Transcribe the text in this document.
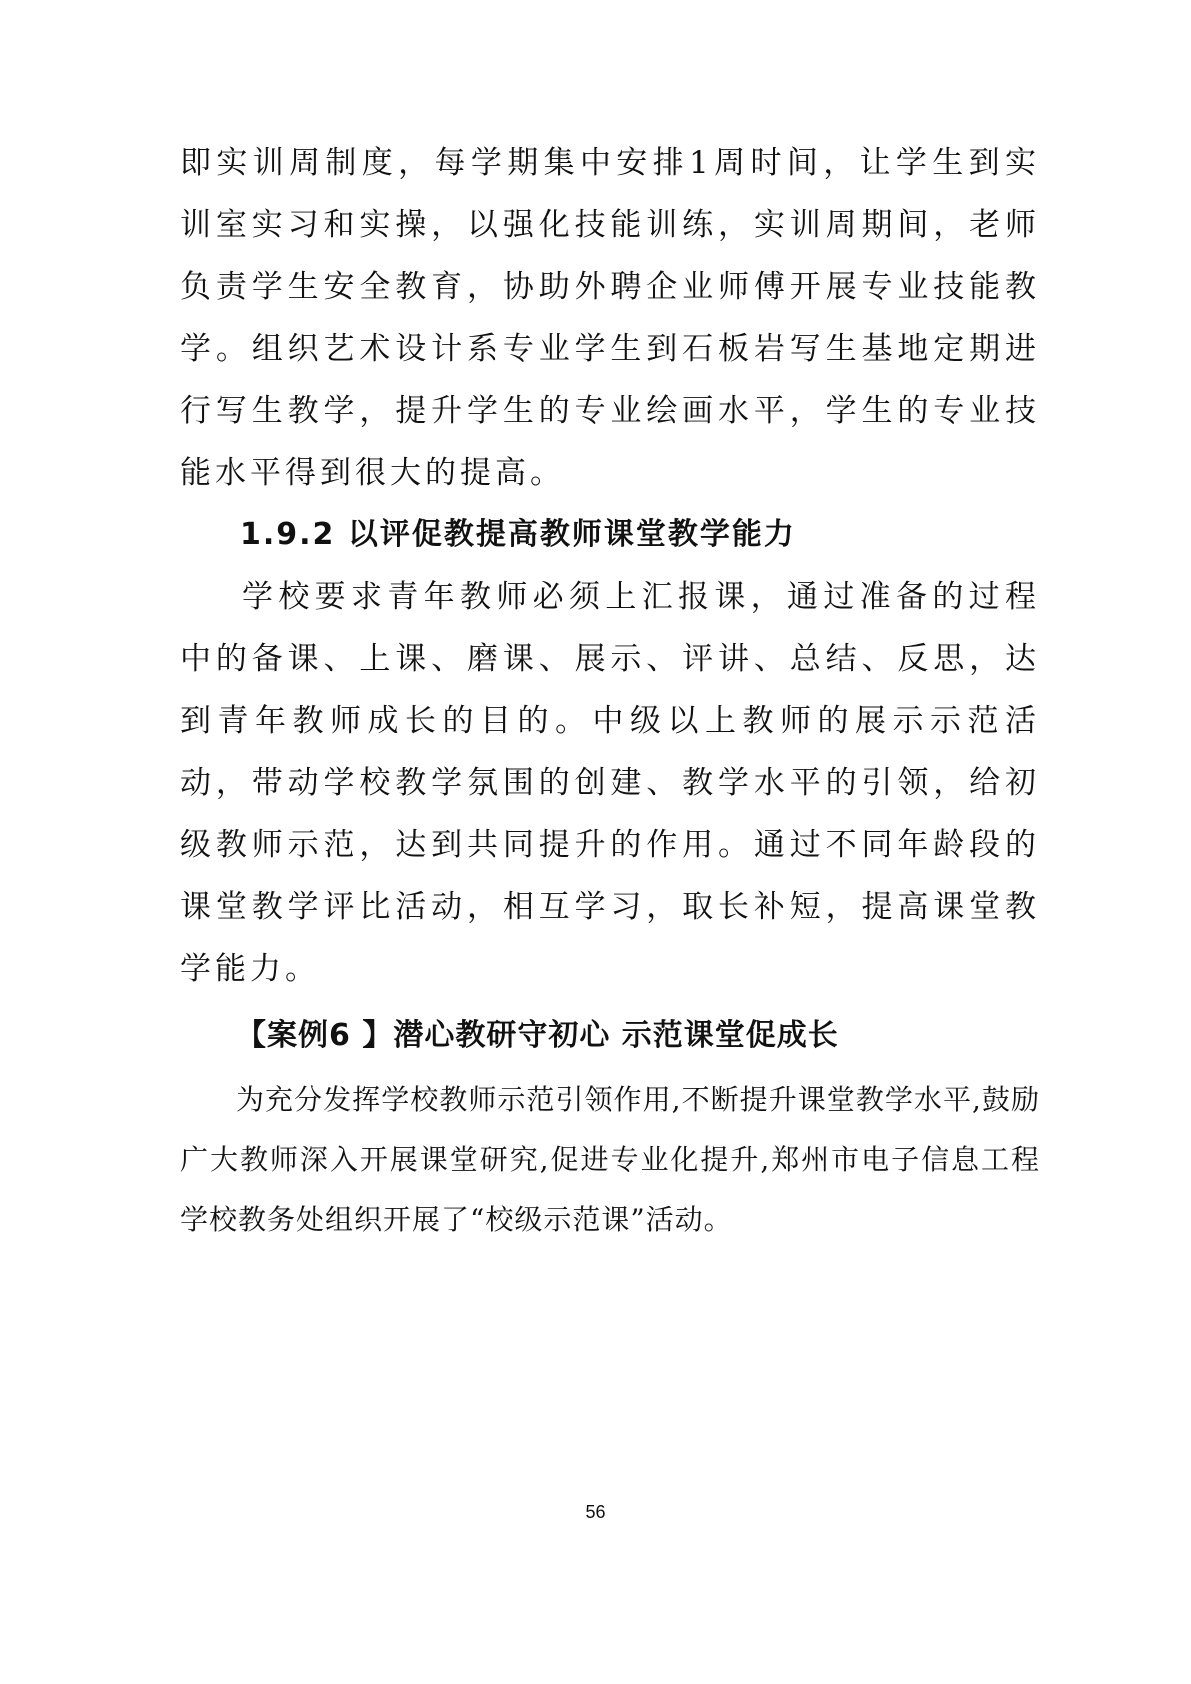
即实训周制度，每学期集中安排1周时间，让学生到实训室实习和实操，以强化技能训练，实训周期间，老师负责学生安全教育，协助外聘企业师傅开展专业技能教学。组织艺术设计系专业学生到石板岩写生基地定期进行写生教学，提升学生的专业绘画水平，学生的专业技能水平得到很大的提高。

1.9.2 以评促教提高教师课堂教学能力

学校要求青年教师必须上汇报课，通过准备的过程中的备课、上课、磨课、展示、评讲、总结、反思，达到青年教师成长的目的。中级以上教师的展示示范活动，带动学校教学氛围的创建、教学水平的引领，给初级教师示范，达到共同提升的作用。通过不同年龄段的课堂教学评比活动，相互学习，取长补短，提高课堂教学能力。

【案例6 】潜心教研守初心 示范课堂促成长

为充分发挥学校教师示范引领作用,不断提升课堂教学水平,鼓励广大教师深入开展课堂研究,促进专业化提升,郑州市电子信息工程学校教务处组织开展了“校级示范课”活动。

56
